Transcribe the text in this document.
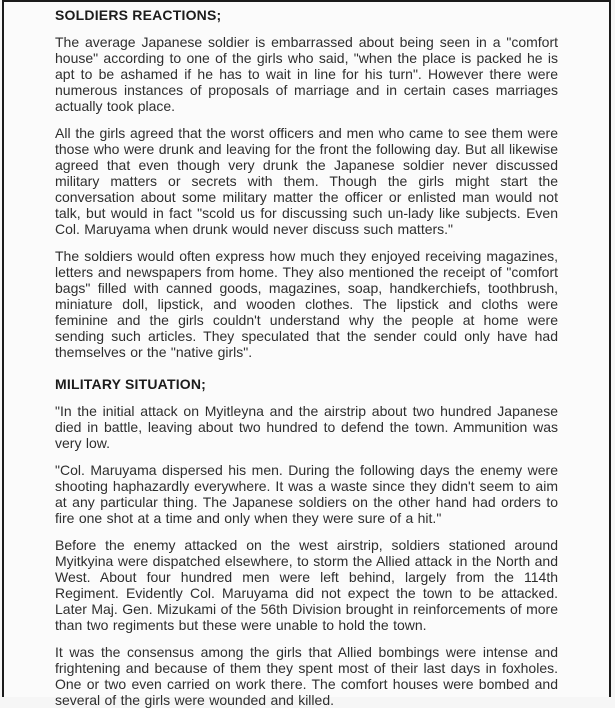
SOLDIERS REACTIONS;

The average Japanese soldier is embarrassed about being seen in a "comfort house" according to one of the girls who said, "when the place is packed he is apt to be ashamed if he has to wait in line for his turn". However there were numerous instances of proposals of marriage and in certain cases marriages actually took place.

All the girls agreed that the worst officers and men who came to see them were those who were drunk and leaving for the front the following day. But all likewise agreed that even though very drunk the Japanese soldier never discussed military matters or secrets with them. Though the girls might start the conversation about some military matter the officer or enlisted man would not talk, but would in fact "scold us for discussing such un-lady like subjects. Even Col. Maruyama when drunk would never discuss such matters."

The soldiers would often express how much they enjoyed receiving magazines, letters and newspapers from home. They also mentioned the receipt of "comfort bags" filled with canned goods, magazines, soap, handkerchiefs, toothbrush, miniature doll, lipstick, and wooden clothes. The lipstick and cloths were feminine and the girls couldn't understand why the people at home were sending such articles. They speculated that the sender could only have had themselves or the "native girls".

MILITARY SITUATION;

"In the initial attack on Myitleyna and the airstrip about two hundred Japanese died in battle, leaving about two hundred to defend the town. Ammunition was very low.

"Col. Maruyama dispersed his men. During the following days the enemy were shooting haphazardly everywhere. It was a waste since they didn't seem to aim at any particular thing. The Japanese soldiers on the other hand had orders to fire one shot at a time and only when they were sure of a hit."

Before the enemy attacked on the west airstrip, soldiers stationed around Myitkyina were dispatched elsewhere, to storm the Allied attack in the North and West. About four hundred men were left behind, largely from the 114th Regiment. Evidently Col. Maruyama did not expect the town to be attacked. Later Maj. Gen. Mizukami of the 56th Division brought in reinforcements of more than two regiments but these were unable to hold the town.

It was the consensus among the girls that Allied bombings were intense and frightening and because of them they spent most of their last days in foxholes. One or two even carried on work there. The comfort houses were bombed and several of the girls were wounded and killed.
